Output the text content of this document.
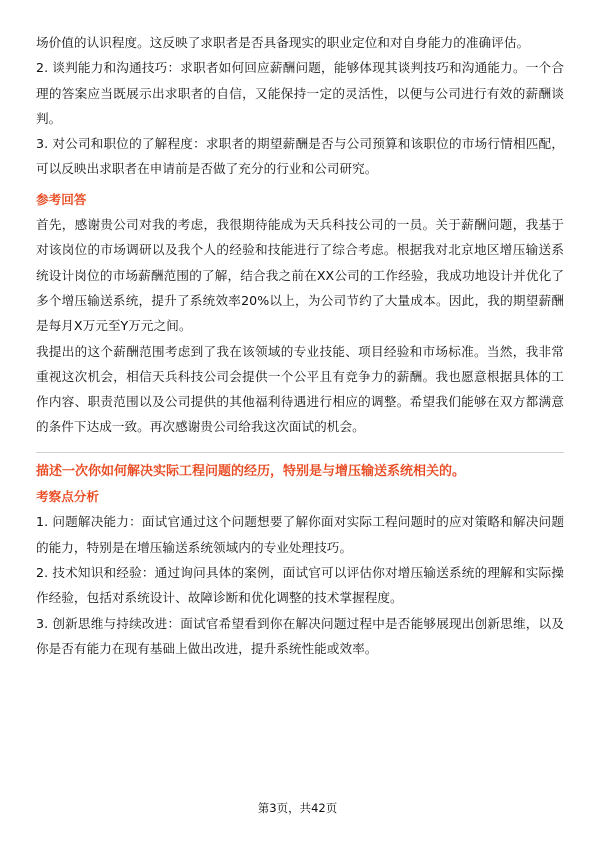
场价值的认识程度。这反映了求职者是否具备现实的职业定位和对自身能力的准确评估。

2. 谈判能力和沟通技巧：求职者如何回应薪酬问题，能够体现其谈判技巧和沟通能力。一个合理的答案应当既展示出求职者的自信，又能保持一定的灵活性，以便与公司进行有效的薪酬谈判。

3. 对公司和职位的了解程度：求职者的期望薪酬是否与公司预算和该职位的市场行情相匹配，可以反映出求职者在申请前是否做了充分的行业和公司研究。

参考回答

首先，感谢贵公司对我的考虑，我很期待能成为天兵科技公司的一员。关于薪酬问题，我基于对该岗位的市场调研以及我个人的经验和技能进行了综合考虑。根据我对北京地区增压输送系统设计岗位的市场薪酬范围的了解，结合我之前在XX公司的工作经验，我成功地设计并优化了多个增压输送系统，提升了系统效率20%以上，为公司节约了大量成本。因此，我的期望薪酬是每月X万元至Y万元之间。

我提出的这个薪酬范围考虑到了我在该领域的专业技能、项目经验和市场标准。当然，我非常重视这次机会，相信天兵科技公司会提供一个公平且有竞争力的薪酬。我也愿意根据具体的工作内容、职责范围以及公司提供的其他福利待遇进行相应的调整。希望我们能够在双方都满意的条件下达成一致。再次感谢贵公司给我这次面试的机会。

描述一次你如何解决实际工程问题的经历，特别是与增压输送系统相关的。
考察点分析

1. 问题解决能力：面试官通过这个问题想要了解你面对实际工程问题时的应对策略和解决问题的能力，特别是在增压输送系统领域内的专业处理技巧。

2. 技术知识和经验：通过询问具体的案例，面试官可以评估你对增压输送系统的理解和实际操作经验，包括对系统设计、故障诊断和优化调整的技术掌握程度。

3. 创新思维与持续改进：面试官希望看到你在解决问题过程中是否能够展现出创新思维，以及你是否有能力在现有基础上做出改进，提升系统性能或效率。

第3页，共42页
